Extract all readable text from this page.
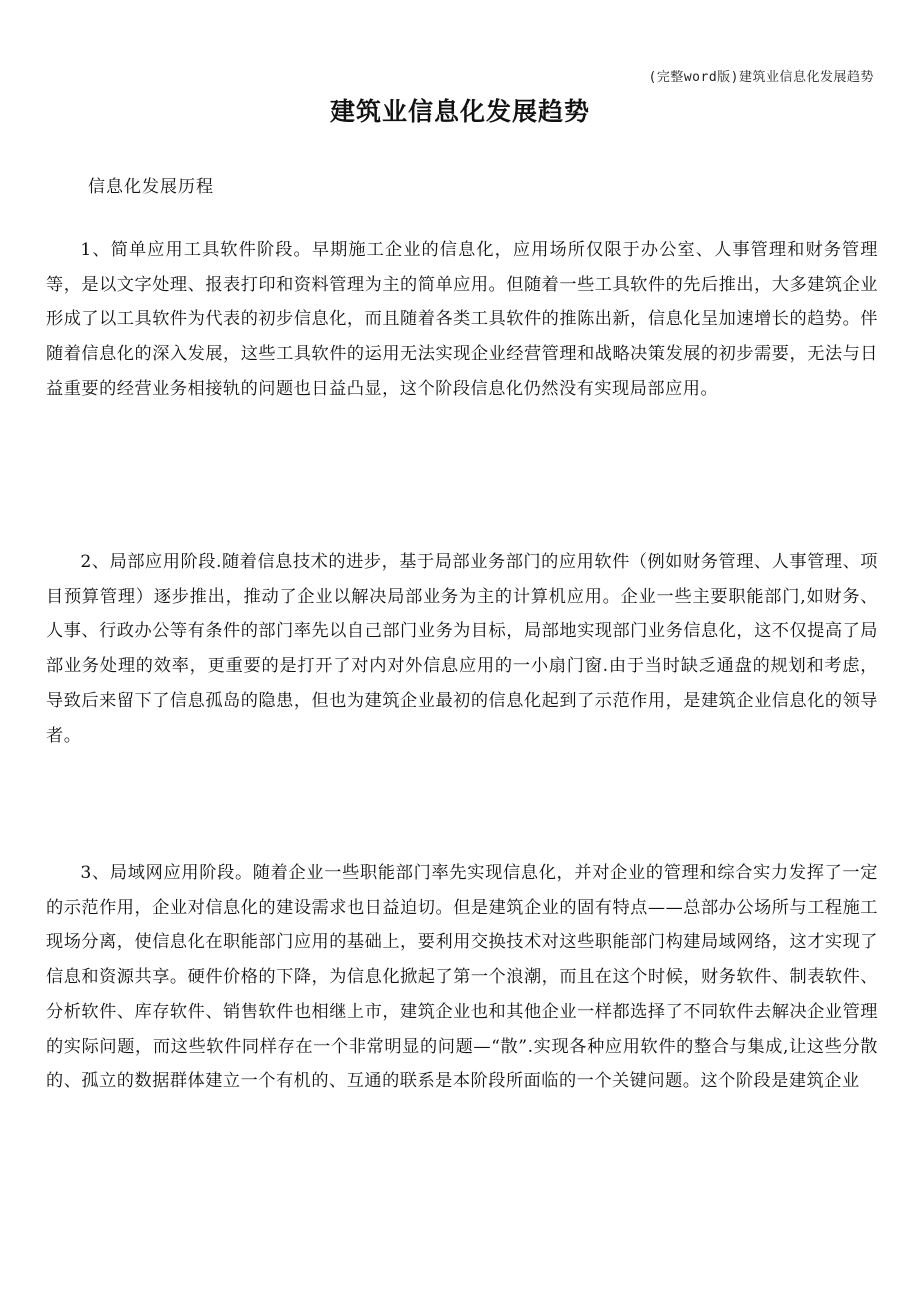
(完整word版)建筑业信息化发展趋势
建筑业信息化发展趋势
信息化发展历程

1、简单应用工具软件阶段。早期施工企业的信息化，应用场所仅限于办公室、人事管理和财务管理等，是以文字处理、报表打印和资料管理为主的简单应用。但随着一些工具软件的先后推出，大多建筑企业形成了以工具软件为代表的初步信息化，而且随着各类工具软件的推陈出新，信息化呈加速增长的趋势。伴随着信息化的深入发展，这些工具软件的运用无法实现企业经营管理和战略决策发展的初步需要，无法与日益重要的经营业务相接轨的问题也日益凸显，这个阶段信息化仍然没有实现局部应用。

2、局部应用阶段.随着信息技术的进步，基于局部业务部门的应用软件（例如财务管理、人事管理、项目预算管理）逐步推出，推动了企业以解决局部业务为主的计算机应用。企业一些主要职能部门,如财务、人事、行政办公等有条件的部门率先以自己部门业务为目标，局部地实现部门业务信息化，这不仅提高了局部业务处理的效率，更重要的是打开了对内对外信息应用的一小扇门窗.由于当时缺乏通盘的规划和考虑，导致后来留下了信息孤岛的隐患，但也为建筑企业最初的信息化起到了示范作用，是建筑企业信息化的领导者。

3、局域网应用阶段。随着企业一些职能部门率先实现信息化，并对企业的管理和综合实力发挥了一定的示范作用，企业对信息化的建设需求也日益迫切。但是建筑企业的固有特点——总部办公场所与工程施工现场分离，使信息化在职能部门应用的基础上，要利用交换技术对这些职能部门构建局域网络，这才实现了信息和资源共享。硬件价格的下降，为信息化掀起了第一个浪潮，而且在这个时候，财务软件、制表软件、分析软件、库存软件、销售软件也相继上市，建筑企业也和其他企业一样都选择了不同软件去解决企业管理的实际问题，而这些软件同样存在一个非常明显的问题—“散”.实现各种应用软件的整合与集成,让这些分散的、孤立的数据群体建立一个有机的、互通的联系是本阶段所面临的一个关键问题。这个阶段是建筑企业
